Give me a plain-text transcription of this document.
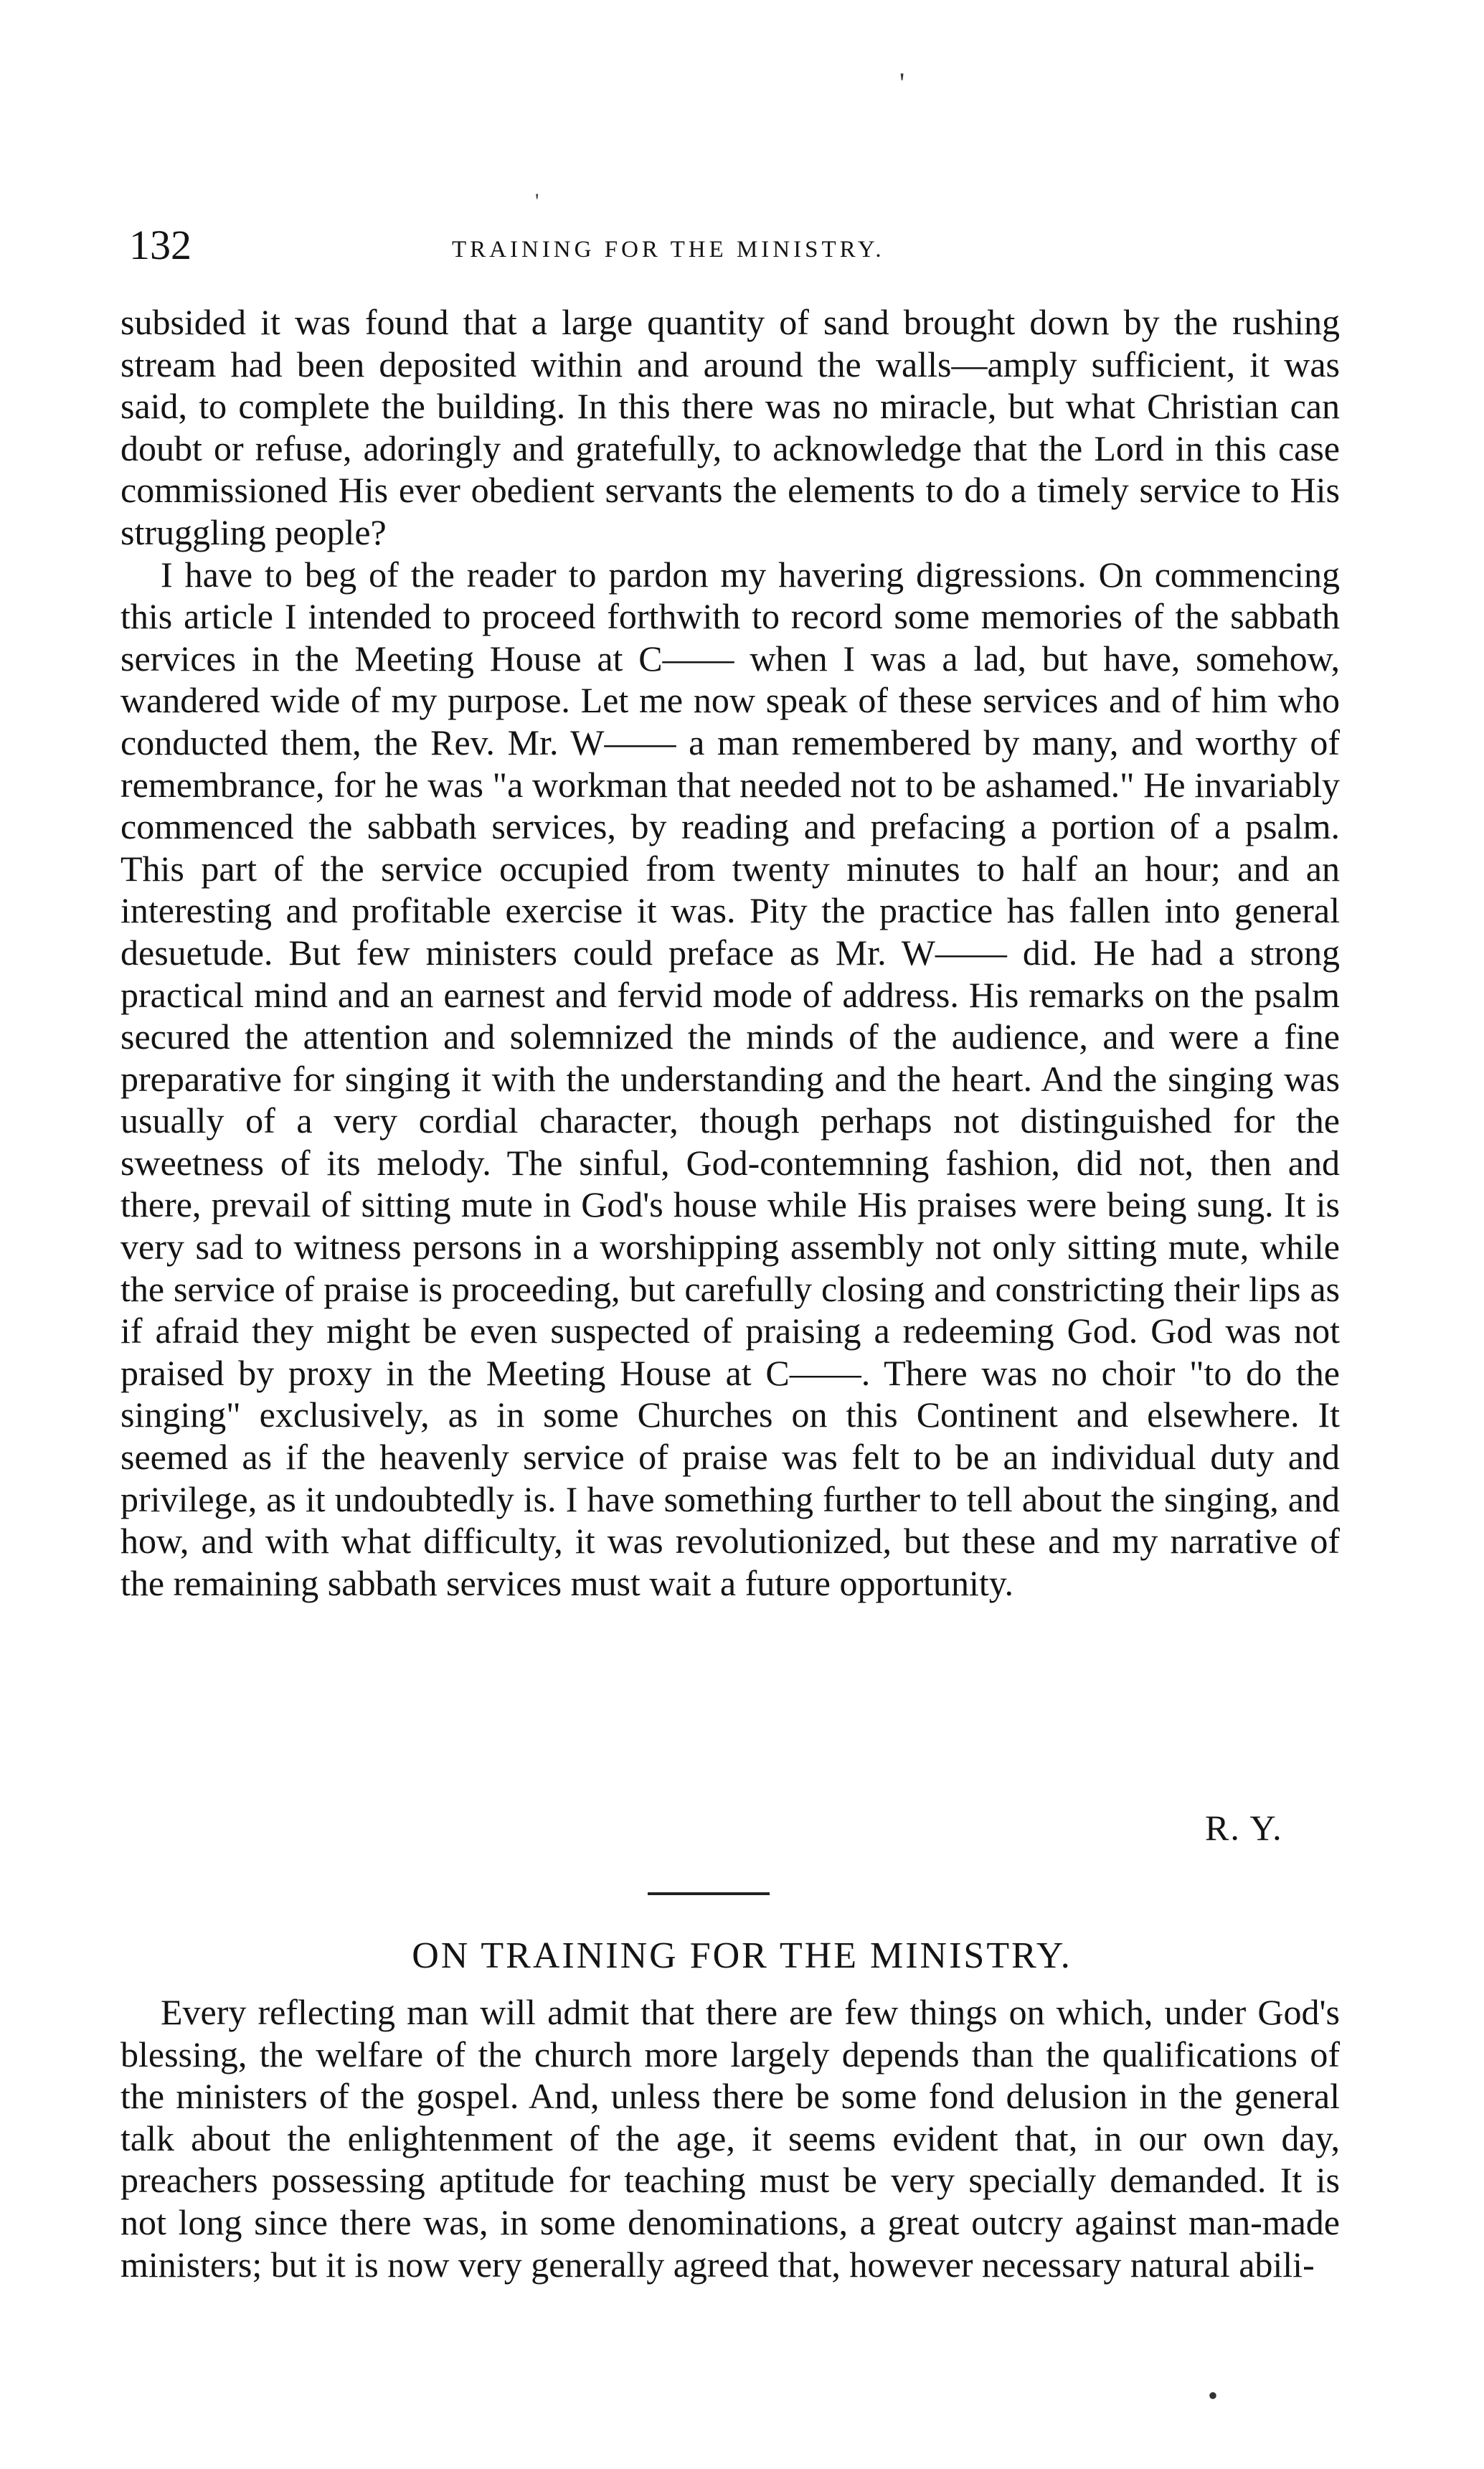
'
'
•
132	TRAINING FOR THE MINISTRY.

subsided it was found that a large quantity of sand brought down by the rushing stream had been deposited within and around the walls—amply sufficient, it was said, to complete the building. In this there was no miracle, but what Christian can doubt or refuse, adoringly and gratefully, to acknowledge that the Lord in this case commissioned His ever obedient servants the elements to do a timely service to His struggling people?

I have to beg of the reader to pardon my havering digressions. On commencing this article I intended to proceed forthwith to record some memories of the sabbath services in the Meeting House at C—— when I was a lad, but have, somehow, wandered wide of my purpose. Let me now speak of these services and of him who conducted them, the Rev. Mr. W—— a man remembered by many, and worthy of remembrance, for he was "a workman that needed not to be ashamed." He invariably commenced the sabbath services, by reading and prefacing a portion of a psalm. This part of the service occupied from twenty minutes to half an hour; and an interesting and profitable exercise it was. Pity the practice has fallen into general desuetude. But few ministers could preface as Mr. W—— did. He had a strong practical mind and an earnest and fervid mode of address. His remarks on the psalm secured the attention and solemnized the minds of the audience, and were a fine preparative for singing it with the understanding and the heart. And the singing was usually of a very cordial character, though perhaps not distinguished for the sweetness of its melody. The sinful, God-contemning fashion, did not, then and there, prevail of sitting mute in God's house while His praises were being sung. It is very sad to witness persons in a worshipping assembly not only sitting mute, while the service of praise is proceeding, but carefully closing and constricting their lips as if afraid they might be even suspected of praising a redeeming God. God was not praised by proxy in the Meeting House at C——. There was no choir "to do the singing" exclusively, as in some Churches on this Continent and elsewhere. It seemed as if the heavenly service of praise was felt to be an individual duty and privilege, as it undoubtedly is. I have something further to tell about the singing, and how, and with what difficulty, it was revolutionized, but these and my narrative of the remaining sabbath services must wait a future opportunity.

R. Y.
ON TRAINING FOR THE MINISTRY.

Every reflecting man will admit that there are few things on which, under God's blessing, the welfare of the church more largely depends than the qualifications of the ministers of the gospel. And, unless there be some fond delusion in the general talk about the enlightenment of the age, it seems evident that, in our own day, preachers possessing aptitude for teaching must be very specially demanded. It is not long since there was, in some denominations, a great outcry against man-made ministers; but it is now very generally agreed that, however necessary natural abili-
